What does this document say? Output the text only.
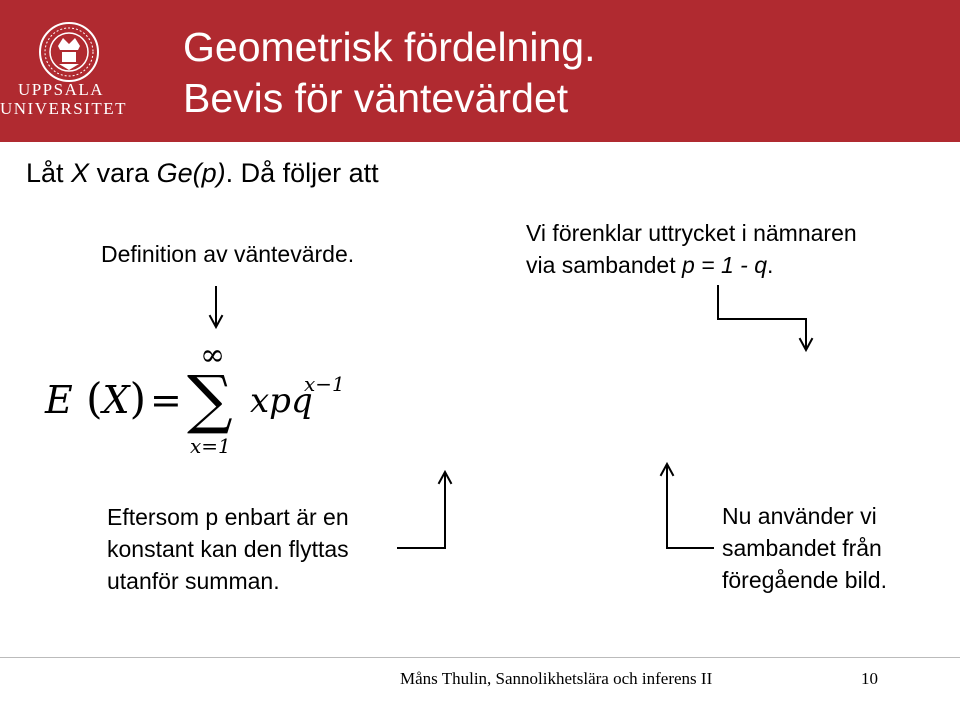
UPPSALA
UNIVERSITET
Geometrisk fördelning.
Bevis för väntevärdet
Låt X vara Ge(p). Då följer att
Definition av väntevärde.
Vi förenklar uttrycket i nämnaren
via sambandet p = 1 - q.
E (X) =
∞
∑
x=1
xpq
x−1
Eftersom p enbart är en
konstant kan den flyttas
utanför summan.
Nu använder vi
sambandet från
föregående bild.
Måns Thulin, Sannolikhetslära och inferens II	10
